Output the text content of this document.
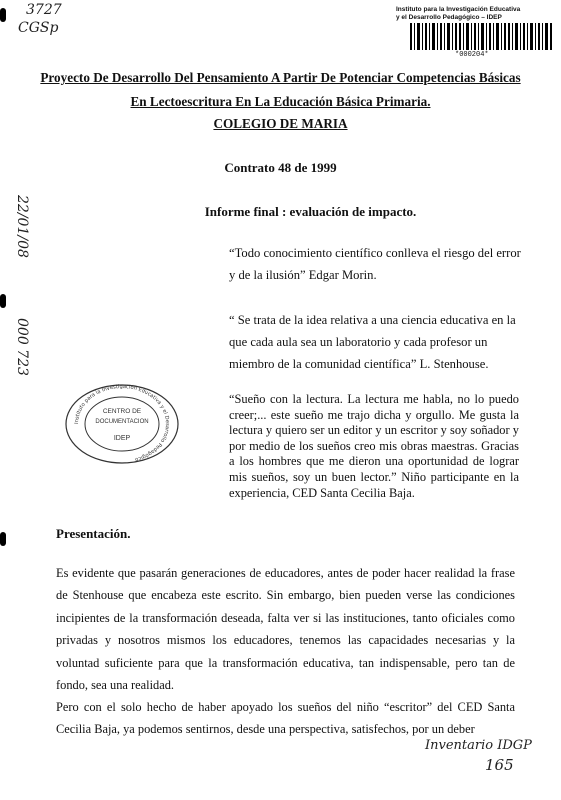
3727
CGSp
Instituto para la Investigación Educativa
y el Desarrollo Pedagógico – IDEP
*000204*
Proyecto De Desarrollo Del Pensamiento A Partir De Potenciar Competencias Básicas
En Lectoescritura En La Educación Básica Primaria.
COLEGIO DE MARIA
Contrato 48 de 1999
Informe final : evaluación de impacto.
22/01/08
000 723
“Todo conocimiento científico conlleva el riesgo del error
y de la ilusión” Edgar Morin.
“ Se trata de la idea relativa a una ciencia educativa en la
que cada aula sea un laboratorio y cada profesor un
miembro de la comunidad científica” L. Stenhouse.
“Sueño con la lectura. La lectura me habla, no lo puedo creer;... este sueño me trajo dicha y orgullo. Me gusta la lectura y quiero ser un editor y un escritor y soy soñador y por medio de los sueños creo mis obras maestras. Gracias a los hombres que me dieron una oportunidad de lograr mis sueños, soy un buen lector.” Niño participante en la experiencia, CED Santa Cecilia Baja.
Instituto para la Investigación Educativa y el Desarrollo Pedagógico
CENTRO DE
DOCUMENTACION
IDEP
Presentación.
Es evidente que pasarán generaciones de educadores, antes de poder hacer realidad la frase de Stenhouse que encabeza este escrito. Sin embargo, bien pueden verse las condiciones incipientes de la transformación deseada, falta ver si las instituciones, tanto oficiales como privadas y nosotros mismos los educadores, tenemos las capacidades necesarias y la voluntad suficiente para que la transformación educativa, tan indispensable, pero tan de fondo, sea una realidad.
Pero con el solo hecho de haber apoyado los sueños del niño “escritor” del CED Santa Cecilia Baja, ya podemos sentirnos, desde una perspectiva, satisfechos, por un deber
Inventario IDGP
165
